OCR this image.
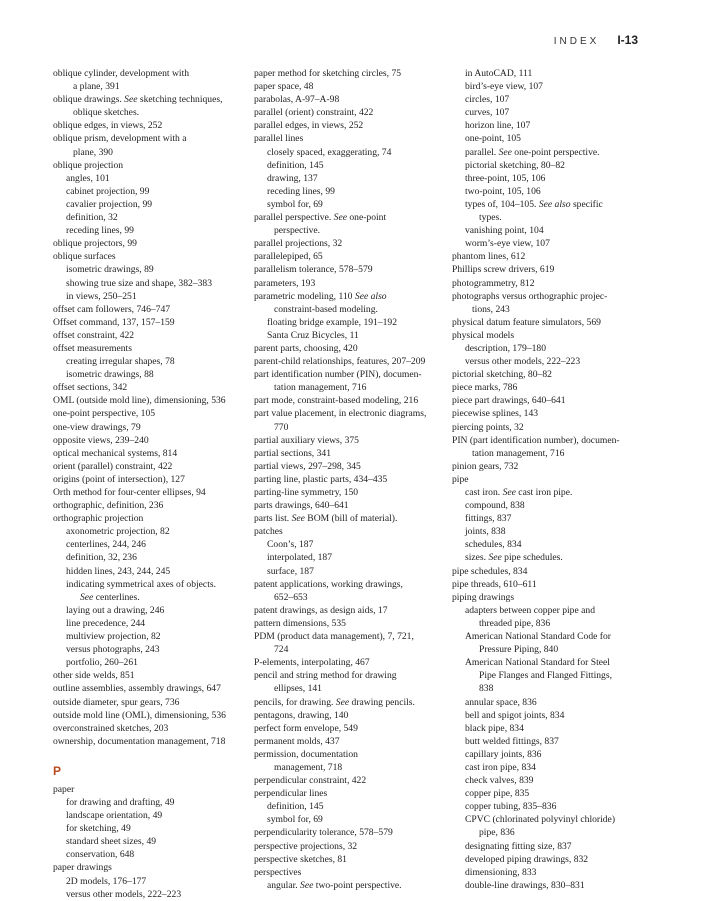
INDEX I-13
oblique cylinder, development with
a plane, 391
oblique drawings. See sketching techniques,
oblique sketches.
oblique edges, in views, 252
oblique prism, development with a
plane, 390
oblique projection
angles, 101
cabinet projection, 99
cavalier projection, 99
definition, 32
receding lines, 99
oblique projectors, 99
oblique surfaces
isometric drawings, 89
showing true size and shape, 382–383
in views, 250–251
offset cam followers, 746–747
Offset command, 137, 157–159
offset constraint, 422
offset measurements
creating irregular shapes, 78
isometric drawings, 88
offset sections, 342
OML (outside mold line), dimensioning, 536
one-point perspective, 105
one-view drawings, 79
opposite views, 239–240
optical mechanical systems, 814
orient (parallel) constraint, 422
origins (point of intersection), 127
Orth method for four-center ellipses, 94
orthographic, definition, 236
orthographic projection
axonometric projection, 82
centerlines, 244, 246
definition, 32, 236
hidden lines, 243, 244, 245
indicating symmetrical axes of objects.
See centerlines.
laying out a drawing, 246
line precedence, 244
multiview projection, 82
versus photographs, 243
portfolio, 260–261
other side welds, 851
outline assemblies, assembly drawings, 647
outside diameter, spur gears, 736
outside mold line (OML), dimensioning, 536
overconstrained sketches, 203
ownership, documentation management, 718
P
paper
for drawing and drafting, 49
landscape orientation, 49
for sketching, 49
standard sheet sizes, 49
conservation, 648
paper drawings
2D models, 176–177
versus other models, 222–223
paper method for sketching circles, 75
paper space, 48
parabolas, A-97–A-98
parallel (orient) constraint, 422
parallel edges, in views, 252
parallel lines
closely spaced, exaggerating, 74
definition, 145
drawing, 137
receding lines, 99
symbol for, 69
parallel perspective. See one-point
perspective.
parallel projections, 32
parallelepiped, 65
parallelism tolerance, 578–579
parameters, 193
parametric modeling, 110 See also
constraint-based modeling.
floating bridge example, 191–192
Santa Cruz Bicycles, 11
parent parts, choosing, 420
parent-child relationships, features, 207–209
part identification number (PIN), documen-
tation management, 716
part mode, constraint-based modeling, 216
part value placement, in electronic diagrams,
770
partial auxiliary views, 375
partial sections, 341
partial views, 297–298, 345
parting line, plastic parts, 434–435
parting-line symmetry, 150
parts drawings, 640–641
parts list. See BOM (bill of material).
patches
Coon’s, 187
interpolated, 187
surface, 187
patent applications, working drawings,
652–653
patent drawings, as design aids, 17
pattern dimensions, 535
PDM (product data management), 7, 721,
724
P-elements, interpolating, 467
pencil and string method for drawing
ellipses, 141
pencils, for drawing. See drawing pencils.
pentagons, drawing, 140
perfect form envelope, 549
permanent molds, 437
permission, documentation
management, 718
perpendicular constraint, 422
perpendicular lines
definition, 145
symbol for, 69
perpendicularity tolerance, 578–579
perspective projections, 32
perspective sketches, 81
perspectives
angular. See two-point perspective.
in AutoCAD, 111
bird’s-eye view, 107
circles, 107
curves, 107
horizon line, 107
one-point, 105
parallel. See one-point perspective.
pictorial sketching, 80–82
three-point, 105, 106
two-point, 105, 106
types of, 104–105. See also specific
types.
vanishing point, 104
worm’s-eye view, 107
phantom lines, 612
Phillips screw drivers, 619
photogrammetry, 812
photographs versus orthographic projec-
tions, 243
physical datum feature simulators, 569
physical models
description, 179–180
versus other models, 222–223
pictorial sketching, 80–82
piece marks, 786
piece part drawings, 640–641
piecewise splines, 143
piercing points, 32
PIN (part identification number), documen-
tation management, 716
pinion gears, 732
pipe
cast iron. See cast iron pipe.
compound, 838
fittings, 837
joints, 838
schedules, 834
sizes. See pipe schedules.
pipe schedules, 834
pipe threads, 610–611
piping drawings
adapters between copper pipe and
threaded pipe, 836
American National Standard Code for
Pressure Piping, 840
American National Standard for Steel
Pipe Flanges and Flanged Fittings,
838
annular space, 836
bell and spigot joints, 834
black pipe, 834
butt welded fittings, 837
capillary joints, 836
cast iron pipe, 834
check valves, 839
copper pipe, 835
copper tubing, 835–836
CPVC (chlorinated polyvinyl chloride)
pipe, 836
designating fitting size, 837
developed piping drawings, 832
dimensioning, 833
double-line drawings, 830–831
